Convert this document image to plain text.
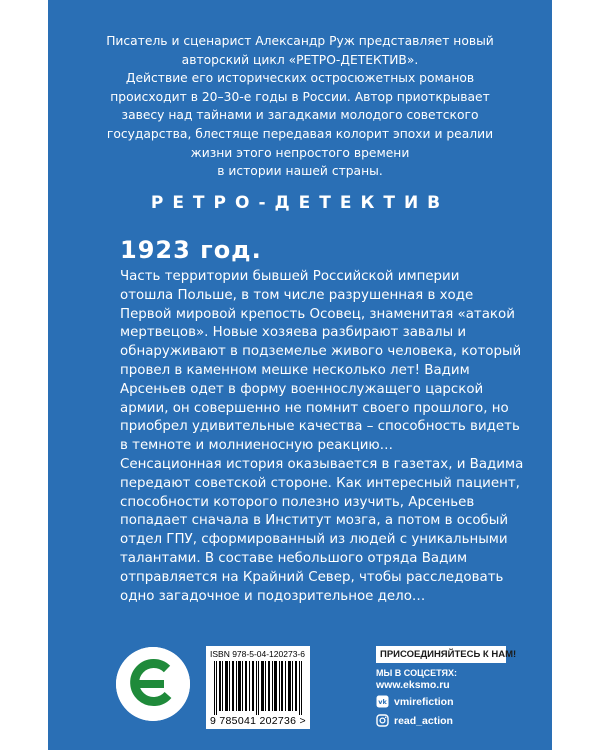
Писатель и сценарист Александр Руж представляет новый
авторский цикл «РЕТРО-ДЕТЕКТИВ».
Действие его исторических остросюжетных романов
происходит в 20–30-е годы в России. Автор приоткрывает
завесу над тайнами и загадками молодого советского
государства, блестяще передавая колорит эпохи и реалии
жизни этого непростого времени
в истории нашей страны.
РЕТРО-ДЕТЕКТИВ
1923 год.
Часть территории бывшей Российской империи
отошла Польше, в том числе разрушенная в ходе
Первой мировой крепость Осовец, знаменитая «атакой
мертвецов». Новые хозяева разбирают завалы и
обнаруживают в подземелье живого человека, который
провел в каменном мешке несколько лет! Вадим
Арсеньев одет в форму военнослужащего царской
армии, он совершенно не помнит своего прошлого, но
приобрел удивительные качества – способность видеть
в темноте и молниеносную реакцию…
Сенсационная история оказывается в газетах, и Вадима
передают советской стороне. Как интересный пациент,
способности которого полезно изучить, Арсеньев
попадает сначала в Институт мозга, а потом в особый
отдел ГПУ, сформированный из людей с уникальными
талантами. В составе небольшого отряда Вадим
отправляется на Крайний Север, чтобы расследовать
одно загадочное и подозрительное дело…
ISBN 978-5-04-120273-6
9 785041 202736 >
ПРИСОЕДИНЯЙТЕСЬ К НАМ!
МЫ В СОЦСЕТЯХ:
www.eksmo.ru
vk vmirefiction
read_action
